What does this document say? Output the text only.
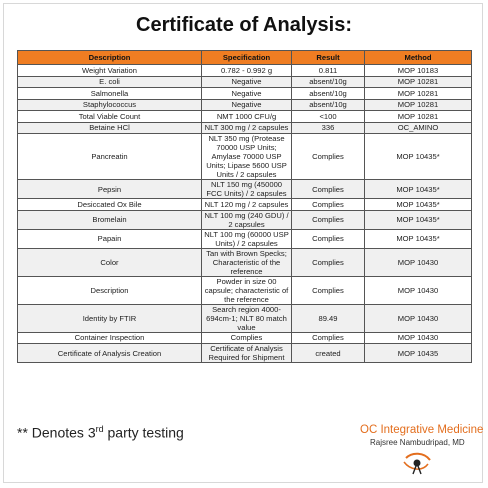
Certificate of Analysis:
Description	Specification	Result	Method
Weight Variation	0.782 - 0.992 g	0.811	MOP 10183
E. coli	Negative	absent/10g	MOP 10281
Salmonella	Negative	absent/10g	MOP 10281
Staphylococcus	Negative	absent/10g	MOP 10281
Total Viable Count	NMT 1000 CFU/g	<100	MOP 10281
Betaine HCl	NLT 300 mg / 2 capsules	336	OC_AMINO
Pancreatin	NLT 350 mg (Protease 70000 USP Units; Amylase 70000 USP Units; Lipase 5600 USP Units / 2 capsules	Complies	MOP 10435*
Pepsin	NLT 150 mg (450000 FCC Units) / 2 capsules	Complies	MOP 10435*
Desiccated Ox Bile	NLT 120 mg / 2 capsules	Complies	MOP 10435*
Bromelain	NLT 100 mg (240 GDU) / 2 capsules	Complies	MOP 10435*
Papain	NLT 100 mg (60000 USP Units) / 2 capsules	Complies	MOP 10435*
Color	Tan with Brown Specks; Characteristic of the reference	Complies	MOP 10430
Description	Powder in size 00 capsule; characteristic of the reference	Complies	MOP 10430
Identity by FTIR	Search region 4000-694cm-1; NLT 80 match value	89.49	MOP 10430
Container Inspection	Complies	Complies	MOP 10430
Certificate of Analysis Creation	Certificate of Analysis Required for Shipment	created	MOP 10435
** Denotes 3rd party testing	OC Integrative Medicine
Rajsree Nambudripad, MD
